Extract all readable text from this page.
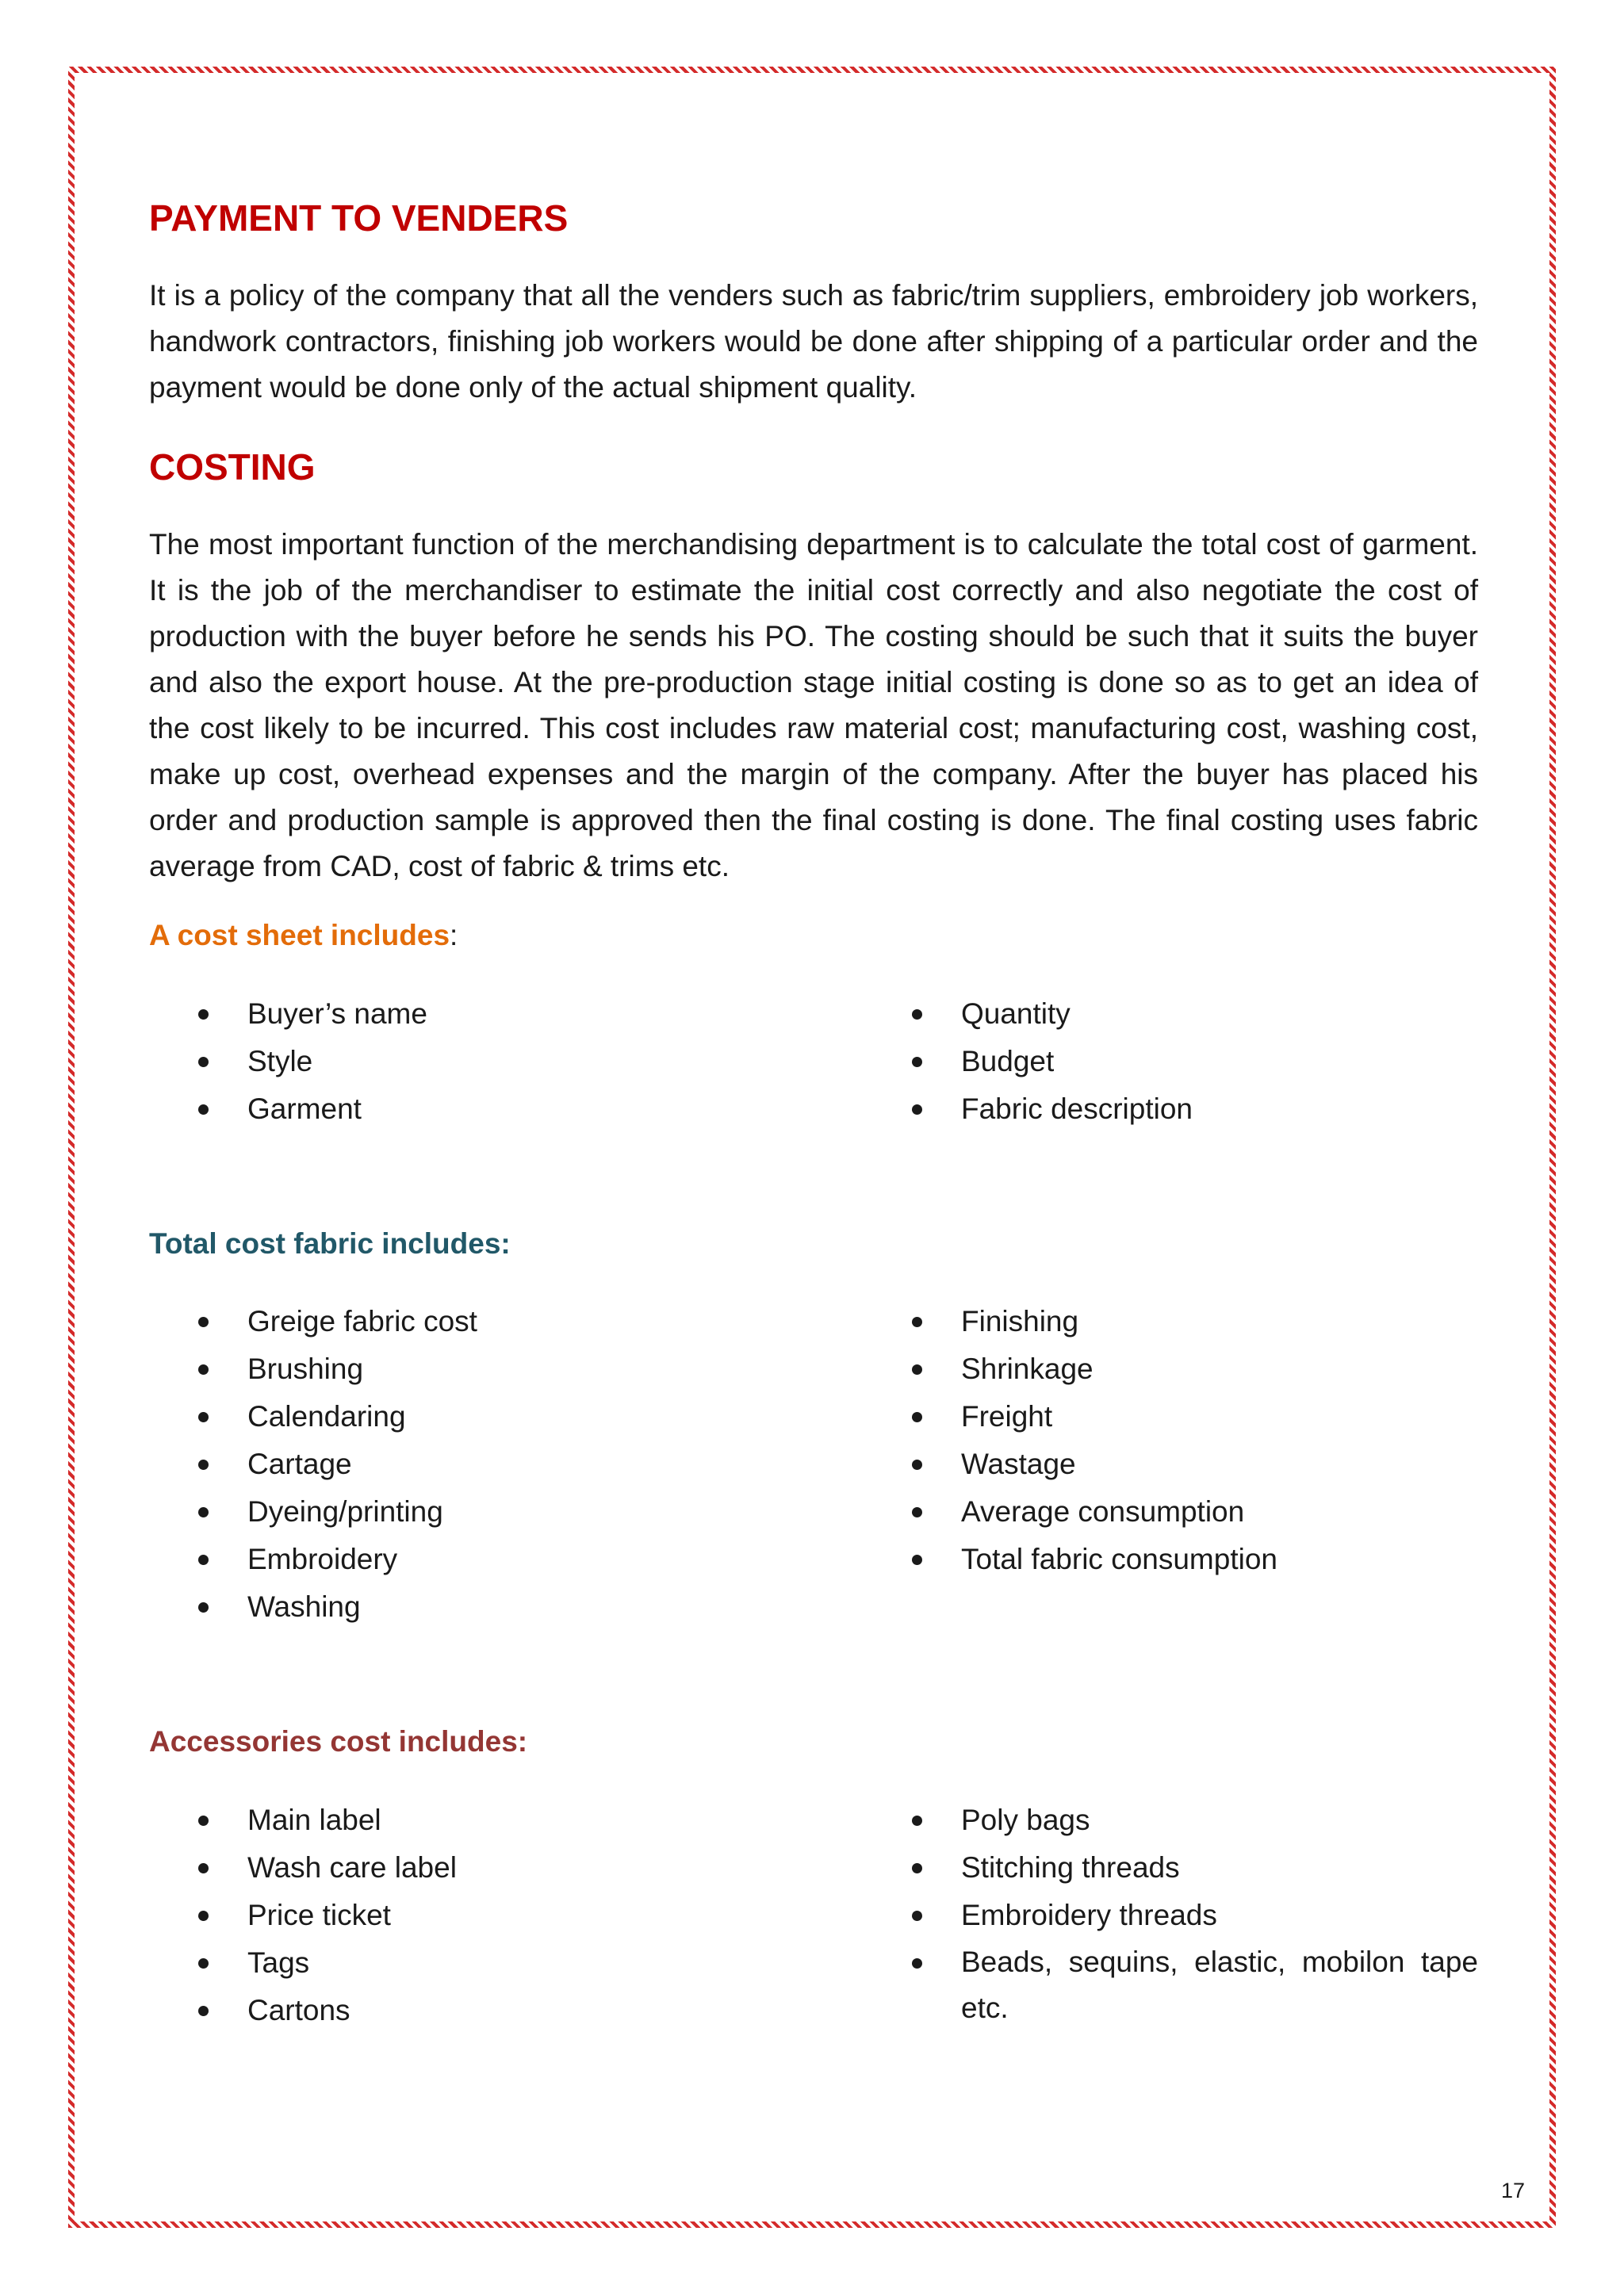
PAYMENT TO VENDERS

It is a policy of the company that all the venders such as fabric/trim suppliers, embroidery job workers, handwork contractors, finishing job workers would be done after shipping of a particular order and the payment would be done only of the actual shipment quality.

COSTING

The most important function of the merchandising department is to calculate the total cost of garment. It is the job of the merchandiser to estimate the initial cost correctly and also negotiate the cost of production with the buyer before he sends his PO. The costing should be such that it suits the buyer and also the export house. At the pre-production stage initial costing is done so as to get an idea of the cost likely to be incurred. This cost includes raw material cost; manufacturing cost, washing cost, make up cost, overhead expenses and the margin of the company. After the buyer has placed his order and production sample is approved then the final costing is done. The final costing uses fabric average from CAD, cost of fabric & trims etc.

A cost sheet includes:
Buyer’s name
Style
Garment
Quantity
Budget
Fabric description
Total cost fabric includes:
Greige fabric cost
Brushing
Calendaring
Cartage
Dyeing/printing
Embroidery
Washing
Finishing
Shrinkage
Freight
Wastage
Average consumption
Total fabric consumption
Accessories cost includes:
Main label
Wash care label
Price ticket
Tags
Cartons
Poly bags
Stitching threads
Embroidery threads
Beads, sequins, elastic, mobilon tape etc.
17
